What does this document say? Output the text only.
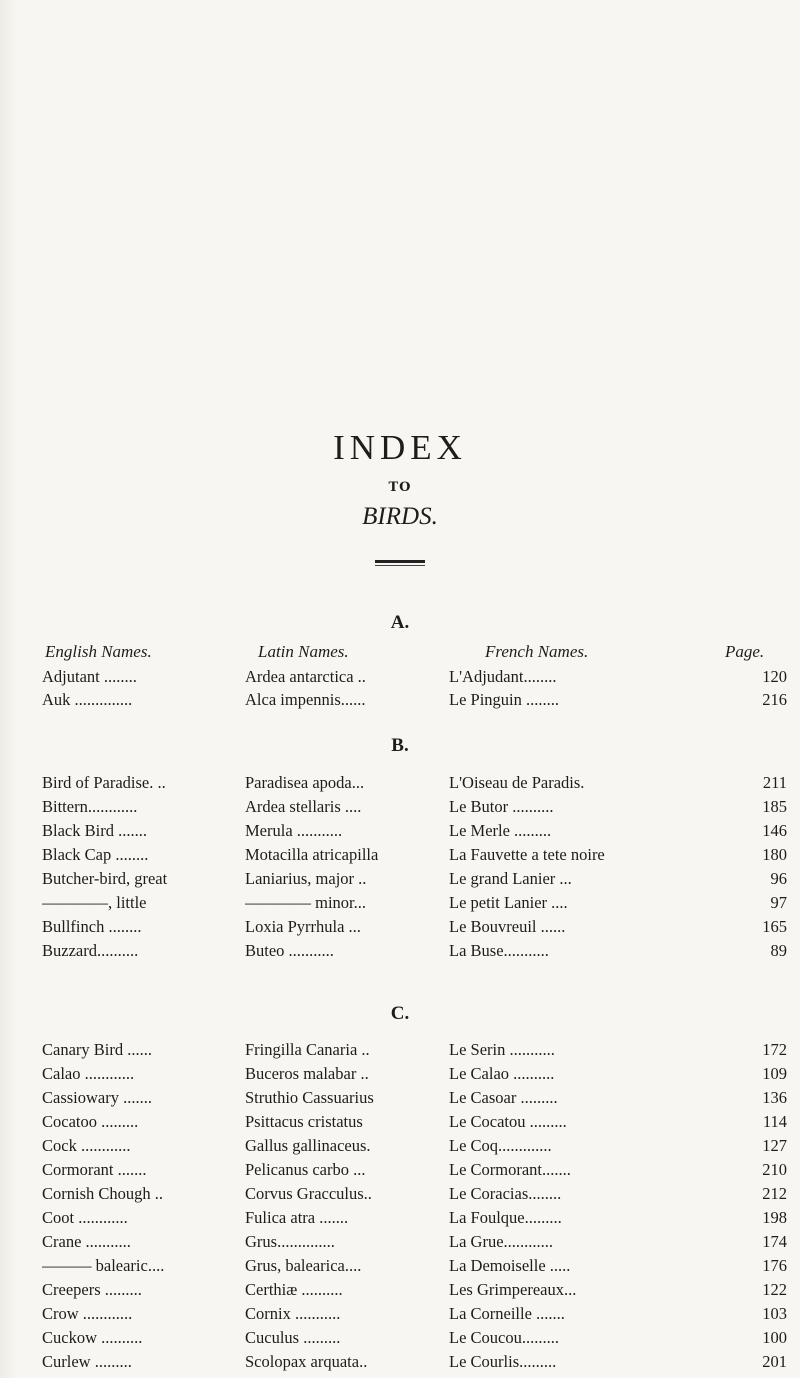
INDEX
TO
BIRDS.
A.
English Names.	Latin Names.	French Names.	Page.
Adjutant ........	Ardea antarctica ..	L'Adjudant........	120
Auk ..............	Alca impennis......	Le Pinguin ........	216
B.
Bird of Paradise. ..	Paradisea apoda...	L'Oiseau de Paradis.	211
Bittern............	Ardea stellaris ....	Le Butor ..........	185
Black Bird .......	Merula ...........	Le Merle .........	146
Black Cap ........	Motacilla atricapilla	La Fauvette a tete noire	180
Butcher-bird, great	Laniarius, major ..	Le grand Lanier ...	96
————, little	———— minor...	Le petit Lanier ....	97
Bullfinch ........	Loxia Pyrrhula ...	Le Bouvreuil ......	165
Buzzard..........	Buteo ...........	La Buse...........	89
C.
Canary Bird ......	Fringilla Canaria ..	Le Serin ...........	172
Calao ............	Buceros malabar ..	Le Calao ..........	109
Cassiowary .......	Struthio Cassuarius	Le Casoar .........	136
Cocatoo .........	Psittacus cristatus	Le Cocatou .........	114
Cock ............	Gallus gallinaceus.	Le Coq.............	127
Cormorant .......	Pelicanus carbo ...	Le Cormorant.......	210
Cornish Chough ..	Corvus Gracculus..	Le Coracias........	212
Coot ............	Fulica atra .......	La Foulque.........	198
Crane ...........	Grus..............	La Grue............	174
——— balearic....	Grus, balearica....	La Demoiselle .....	176
Creepers .........	Certhiæ ..........	Les Grimpereaux...	122
Crow ............	Cornix ...........	La Corneille .......	103
Cuckow ..........	Cuculus .........	Le Coucou.........	100
Curlew .........	Scolopax arquata..	Le Courlis.........	201
